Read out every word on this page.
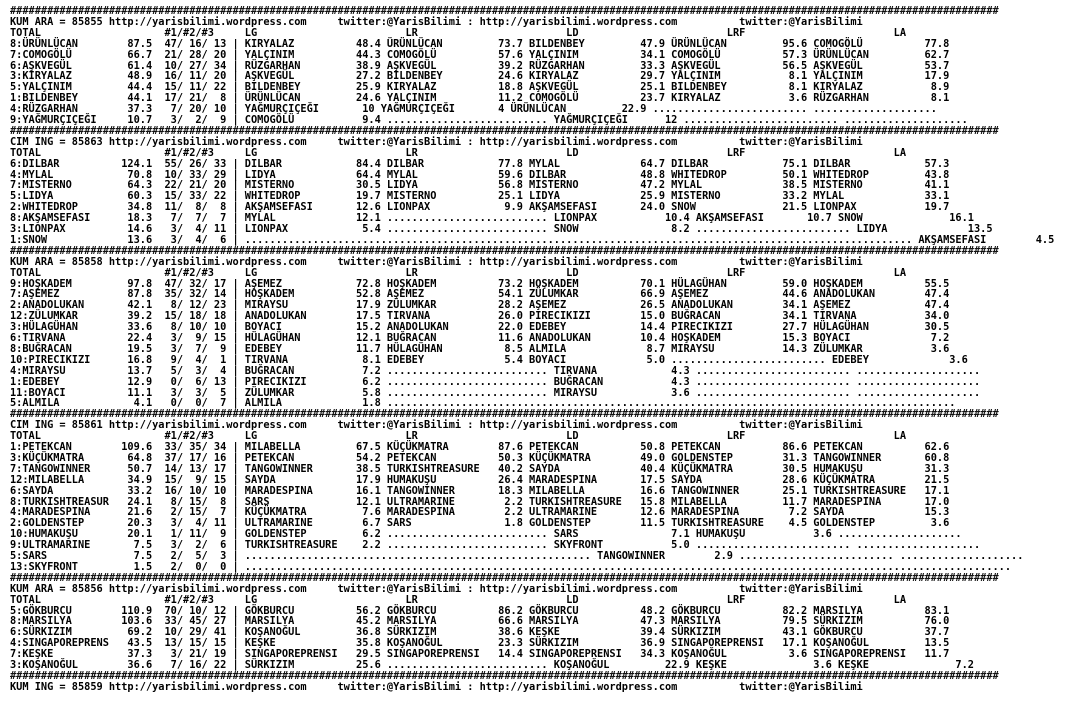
################################################################################################################################################################
KUM ARA = 85855 http://yarisbilimi.wordpress.com     twitter:@YarisBilimi : http://yarisbilimi.wordpress.com          twitter:@YarisBilimi
TOTAL                    #1/#2/#3     LG                        LR                        LD                        LRF                        LA
8:ÜRÜNLÜCAN        87.5  47/ 16/ 13 | KIRYALAZ          48.4 ÜRÜNLÜCAN         73.7 BILDENBEY         47.9 ÜRÜNLÜCAN         95.6 COMOGÖLÜ          77.8
7:COMOGÖLÜ         66.7  21/ 28/ 20 | YALÇINIM          44.3 COMOGÖLÜ          57.6 YALÇINIM          34.1 COMOGÖLÜ          57.3 ÜRÜNLÜCAN         62.7
6:AŞKVEGÜL         61.4  10/ 27/ 34 | RÜZGARHAN         38.9 AŞKVEGÜL          39.2 RÜZGARHAN         33.3 AŞKVEGÜL          56.5 AŞKVEGÜL          53.7
3:KIRYALAZ         48.9  16/ 11/ 20 | AŞKVEGÜL          27.2 BILDENBEY         24.6 KIRYALAZ          29.7 YALÇINIM           8.1 YALÇINIM          17.9
5:YALÇINIM         44.4  15/ 11/ 22 | BILDENBEY         25.9 KIRYALAZ          18.8 AŞKVEGÜL          25.1 BILDENBEY          8.1 KIRYALAZ           8.9
1:BILDENBEY        44.1  17/ 21/  8 | ÜRÜNLÜCAN         24.6 YALÇINIM          11.2 COMOGÖLÜ          23.7 KIRYALAZ           3.6 RÜZGARHAN          8.1
4:RÜZGARHAN        37.3   7/ 20/ 10 | YAĞMURÇIÇEĞI       10 YAĞMURÇIÇEĞI       4 ÜRÜNLÜCAN         22.9 ......................... ....................
9:YAĞMURÇIÇEĞI     10.7   3/  2/  9 | COMOGÖLÜ           9.4 .......................... YAĞMURÇIÇEĞI      12 ......................... ....................
################################################################################################################################################################
CIM ING = 85863 http://yarisbilimi.wordpress.com     twitter:@YarisBilimi : http://yarisbilimi.wordpress.com          twitter:@YarisBilimi
TOTAL                    #1/#2/#3     LG                        LR                        LD                        LRF                        LA
6:DILBAR          124.1  55/ 26/ 33 | DILBAR            84.4 DILBAR            77.8 MYLAL             64.7 DILBAR            75.1 DILBAR            57.3
4:MYLAL            70.8  10/ 33/ 29 | LIDYA             64.4 MYLAL             59.6 DILBAR            48.8 WHITEDROP         50.1 WHITEDROP         43.8
7:MISTERNO         64.3  22/ 21/ 20 | MISTERNO          30.5 LIDYA             56.8 MISTERNO          47.2 MYLAL             38.5 MISTERNO          41.1
5:LIDYA            60.3  15/ 33/ 22 | WHITEDROP         19.7 MISTERNO          25.1 LIDYA             25.9 MISTERNO          33.2 MYLAL             33.1
2:WHITEDROP        34.8  11/  8/  8 | AKŞAMSEFASI       12.6 LIONPAX            9.9 AKŞAMSEFASI       24.0 SNOW              21.5 LIONPAX           19.7
8:AKŞAMSEFASI      18.3   7/  7/  7 | MYLAL             12.1 .......................... LIONPAX           10.4 AKŞAMSEFASI       10.7 SNOW              16.1
3:LIONPAX          14.6   3/  4/ 11 | LIONPAX            5.4 .......................... SNOW               8.2 ......................... LIDYA             13.5
1:SNOW             13.6   3/  4/  6 | ............................................................................................................ AKŞAMSEFASI        4.5
################################################################################################################################################################
KUM ARA = 85858 http://yarisbilimi.wordpress.com     twitter:@YarisBilimi : http://yarisbilimi.wordpress.com          twitter:@YarisBilimi
TOTAL                    #1/#2/#3     LG                        LR                        LD                        LRF                        LA
9:HOŞKADEM         97.8  47/ 32/ 17 | AŞEMEZ            72.8 HOŞKADEM          73.2 HOŞKADEM          70.1 HÜLAGÜHAN         59.0 HOŞKADEM          55.5
7:AŞEMEZ           87.8  35/ 32/ 14 | HOŞKADEM          52.8 AŞEMEZ            54.1 ZÜLUMKAR          66.9 AŞEMEZ            44.6 ANADOLUKAN        47.4
2:ANADOLUKAN       42.1   8/ 12/ 23 | MIRAYSU           17.9 ZÜLUMKAR          28.2 AŞEMEZ            26.5 ANADOLUKAN        34.1 AŞEMEZ            47.4
12:ZÜLUMKAR        39.2  15/ 18/ 18 | ANADOLUKAN        17.5 TIRVANA           26.0 PIRECIKIZI        15.0 BUĞRACAN          34.1 TIRVANA           34.0
3:HÜLAGÜHAN        33.6   8/ 10/ 10 | BOYACI            15.2 ANADOLUKAN        22.0 EDEBEY            14.4 PIRECIKIZI        27.7 HÜLAGÜHAN         30.5
6:TIRVANA          22.4   3/  9/ 15 | HÜLAGÜHAN         12.1 BUĞRACAN          11.6 ANADOLUKAN        10.4 HOŞKADEM          15.3 BOYACI             7.2
8:BUĞRACAN         19.5   3/  7/  9 | EDEBEY            11.7 HÜLAGÜHAN          8.5 ALMILA             8.7 MIRAYSU           14.3 ZÜLUMKAR           3.6
10:PIRECIKIZI      16.8   9/  4/  1 | TIRVANA            8.1 EDEBEY             5.4 BOYACI             5.0 ......................... EDEBEY             3.6
4:MIRAYSU          13.7   5/  3/  4 | BUĞRACAN           7.2 .......................... TIRVANA            4.3 ......................... ....................
1:EDEBEY           12.9   0/  6/ 13 | PIRECIKIZI         6.2 .......................... BUĞRACAN           4.3 ......................... ....................
11:BOYACI          11.1   3/  3/  5 | ZÜLUMKAR           5.8 .......................... MIRAYSU            3.6 ......................... ....................
5:ALMILA            4.1   0/  0/  7 | ALMILA             1.8 ............................................................................................
################################################################################################################################################################
CIM ING = 85861 http://yarisbilimi.wordpress.com     twitter:@YarisBilimi : http://yarisbilimi.wordpress.com          twitter:@YarisBilimi
TOTAL                    #1/#2/#3     LG                        LR                        LD                        LRF                        LA
1:PETEKCAN        109.6  33/ 35/ 34 | MILABELLA         67.5 KÜÇÜKMATRA        87.6 PETEKCAN          50.8 PETEKCAN          86.6 PETEKCAN          62.6
3:KÜÇÜKMATRA       64.8  37/ 17/ 16 | PETEKCAN          54.2 PETEKCAN          50.3 KÜÇÜKMATRA        49.0 GOLDENSTEP        31.3 TANGOWINNER       60.8
7:TANGOWINNER      50.7  14/ 13/ 17 | TANGOWINNER       38.5 TURKISHTREASURE   40.2 SAYDA             40.4 KÜÇÜKMATRA        30.5 HUMAKUŞU          31.3
12:MILABELLA       34.9  15/  9/ 15 | SAYDA             17.9 HUMAKUŞU          26.4 MARADESPINA       17.5 SAYDA             28.6 KÜÇÜKMATRA        21.5
6:SAYDA            33.2  16/ 10/ 10 | MARADESPINA       16.1 TANGOWINNER       18.3 MILABELLA         16.6 TANGOWINNER       25.1 TURKISHTREASURE   17.1
8:TURKISHTREASUR   24.1   8/ 15/  8 | SARS              12.1 ULTRAMARINE        2.2 TURKISHTREASURE   15.8 MILABELLA         11.7 MARADESPINA       17.0
4:MARADESPINA      21.6   2/ 15/  7 | KÜÇÜKMATRA         7.6 MARADESPINA        2.2 ULTRAMARINE       12.6 MARADESPINA        7.2 SAYDA             15.3
2:GOLDENSTEP       20.3   3/  4/ 11 | ULTRAMARINE        6.7 SARS               1.8 GOLDENSTEP        11.5 TURKISHTREASURE    4.5 GOLDENSTEP         3.6
10:HUMAKUŞU        20.1   1/ 11/  9 | GOLDENSTEP         6.2 .......................... SARS               7.1 HUMAKUŞU           3.6 ....................
9:ULTRAMARINE       7.5   3/  2/  6 | TURKISHTREASURE    2.2 .......................... SKYFRONT           5.0 ......................... ....................
5:SARS              7.5   2/  5/  3 | ........................................................ TANGOWINNER        2.9 ......................... ....................
13:SKYFRONT         1.5   2/  0/  0 | ............................................................................................................................
################################################################################################################################################################
KUM ARA = 85856 http://yarisbilimi.wordpress.com     twitter:@YarisBilimi : http://yarisbilimi.wordpress.com          twitter:@YarisBilimi
TOTAL                    #1/#2/#3     LG                        LR                        LD                        LRF                        LA
5:GÖKBURCU        110.9  70/ 10/ 12 | GÖKBURCU          56.2 GÖKBURCU          86.2 GÖKBURCU          48.2 GÖKBURCU          82.2 MARSILYA          83.1
8:MARSILYA        103.6  33/ 45/ 27 | MARSILYA          45.2 MARSILYA          66.6 MARSILYA          47.3 MARSILYA          79.5 SÜRKIZIM          76.0
6:SÜRKIZIM         69.2  10/ 29/ 41 | KOŞANOĞUL         36.8 SÜRKIZIM          38.6 KEŞKE             39.4 SÜRKIZIM          43.1 GÖKBURCU          37.7
4:SINGAPOREPRENS   43.5  13/ 15/ 15 | KEŞKE             35.8 KOŞANOĞUL         23.3 SÜRKIZIM          36.9 SINGAPOREPRENSI   17.1 KOŞANOĞUL         13.5
7:KEŞKE            37.3   3/ 21/ 19 | SINGAPOREPRENSI   29.5 SINGAPOREPRENSI   14.4 SINGAPOREPRENSI   34.3 KOŞANOĞUL          3.6 SINGAPOREPRENSI   11.7
3:KOŞANOĞUL        36.6   7/ 16/ 22 | SÜRKIZIM          25.6 .......................... KOŞANOĞUL         22.9 KEŞKE              3.6 KEŞKE              7.2
################################################################################################################################################################
KUM ING = 85859 http://yarisbilimi.wordpress.com     twitter:@YarisBilimi : http://yarisbilimi.wordpress.com          twitter:@YarisBilimi
